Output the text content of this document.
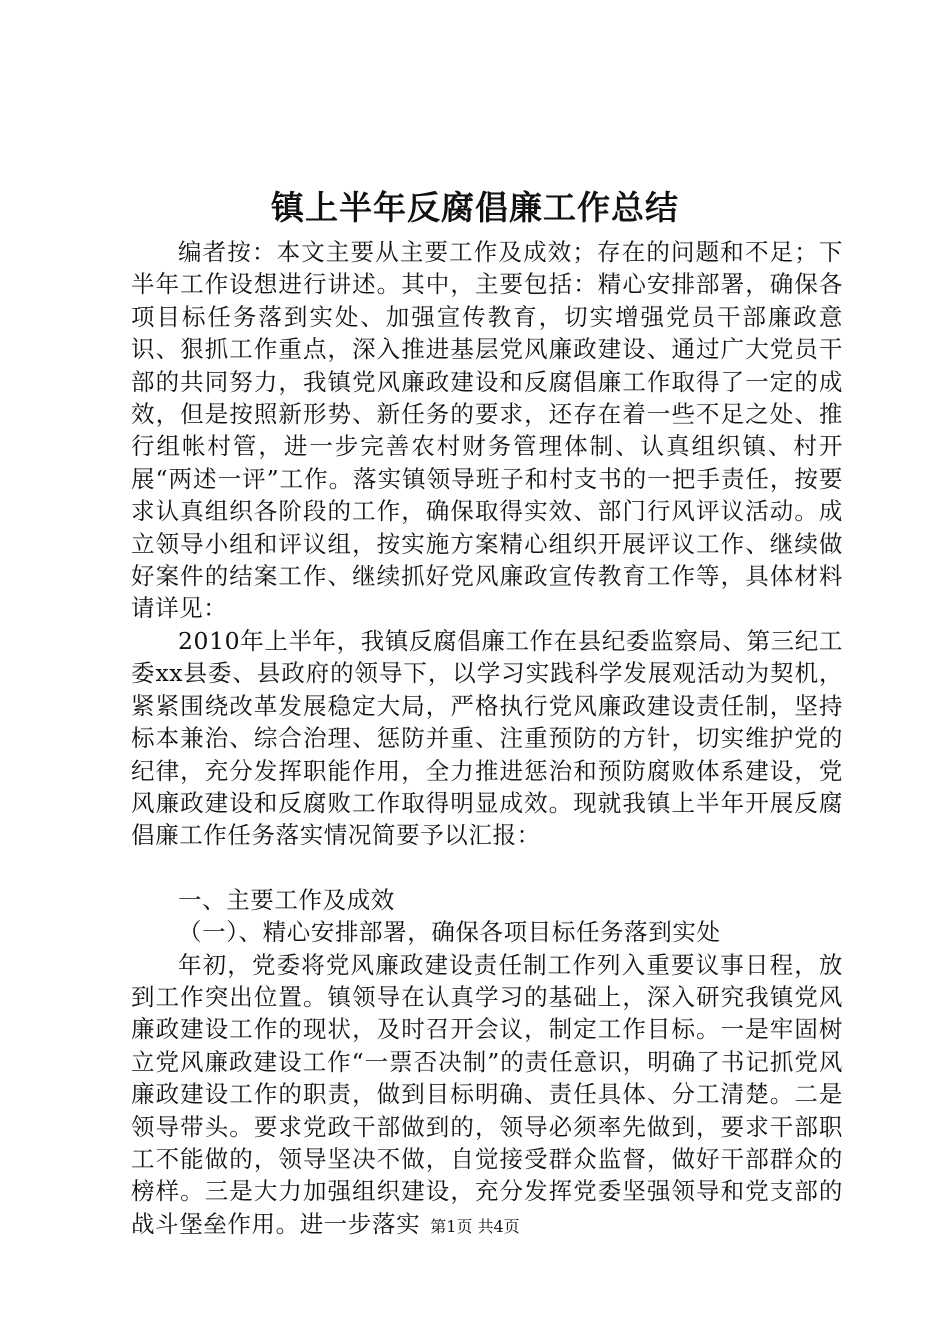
镇上半年反腐倡廉工作总结

编者按：本文主要从主要工作及成效；存在的问题和不足；下半年工作设想进行讲述。其中，主要包括：精心安排部署，确保各项目标任务落到实处、加强宣传教育，切实增强党员干部廉政意识、狠抓工作重点，深入推进基层党风廉政建设、通过广大党员干部的共同努力，我镇党风廉政建设和反腐倡廉工作取得了一定的成效，但是按照新形势、新任务的要求，还存在着一些不足之处、推行组帐村管，进一步完善农村财务管理体制、认真组织镇、村开展“两述一评”工作。落实镇领导班子和村支书的一把手责任，按要求认真组织各阶段的工作，确保取得实效、部门行风评议活动。成立领导小组和评议组，按实施方案精心组织开展评议工作、继续做好案件的结案工作、继续抓好党风廉政宣传教育工作等，具体材料请详见：

2010年上半年，我镇反腐倡廉工作在县纪委监察局、第三纪工委xx县委、县政府的领导下，以学习实践科学发展观活动为契机，紧紧围绕改革发展稳定大局，严格执行党风廉政建设责任制，坚持标本兼治、综合治理、惩防并重、注重预防的方针，切实维护党的纪律，充分发挥职能作用，全力推进惩治和预防腐败体系建设，党风廉政建设和反腐败工作取得明显成效。现就我镇上半年开展反腐倡廉工作任务落实情况简要予以汇报：

一、主要工作及成效

（一）、精心安排部署，确保各项目标任务落到实处

年初，党委将党风廉政建设责任制工作列入重要议事日程，放到工作突出位置。镇领导在认真学习的基础上，深入研究我镇党风廉政建设工作的现状，及时召开会议，制定工作目标。一是牢固树立党风廉政建设工作“一票否决制”的责任意识，明确了书记抓党风廉政建设工作的职责，做到目标明确、责任具体、分工清楚。二是领导带头。要求党政干部做到的，领导必须率先做到，要求干部职工不能做的，领导坚决不做，自觉接受群众监督，做好干部群众的榜样。三是大力加强组织建设，充分发挥党委坚强领导和党支部的战斗堡垒作用。进一步落实 第1页 共4页
